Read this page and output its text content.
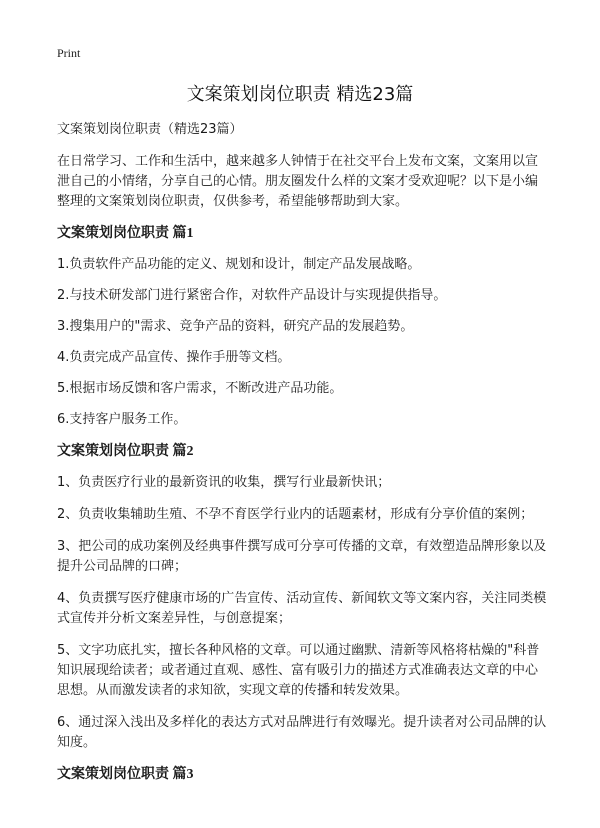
Print
文案策划岗位职责 精选23篇

文案策划岗位职责（精选23篇）

在日常学习、工作和生活中，越来越多人钟情于在社交平台上发布文案，文案用以宣泄自己的小情绪，分享自己的心情。朋友圈发什么样的文案才受欢迎呢？以下是小编整理的文案策划岗位职责，仅供参考，希望能够帮助到大家。

文案策划岗位职责 篇1

1.负责软件产品功能的定义、规划和设计，制定产品发展战略。

2.与技术研发部门进行紧密合作，对软件产品设计与实现提供指导。

3.搜集用户的"需求、竞争产品的资料，研究产品的发展趋势。

4.负责完成产品宣传、操作手册等文档。

5.根据市场反馈和客户需求，不断改进产品功能。

6.支持客户服务工作。

文案策划岗位职责 篇2

1、负责医疗行业的最新资讯的收集，撰写行业最新快讯；

2、负责收集辅助生殖、不孕不育医学行业内的话题素材，形成有分享价值的案例；

3、把公司的成功案例及经典事件撰写成可分享可传播的文章，有效塑造品牌形象以及提升公司品牌的口碑；

4、负责撰写医疗健康市场的广告宣传、活动宣传、新闻软文等文案内容，关注同类模式宣传并分析文案差异性，与创意提案；

5、文字功底扎实，擅长各种风格的文章。可以通过幽默、清新等风格将枯燥的"科普知识展现给读者；或者通过直观、感性、富有吸引力的描述方式准确表达文章的中心思想。从而激发读者的求知欲，实现文章的传播和转发效果。

6、通过深入浅出及多样化的表达方式对品牌进行有效曝光。提升读者对公司品牌的认知度。

文案策划岗位职责 篇3
